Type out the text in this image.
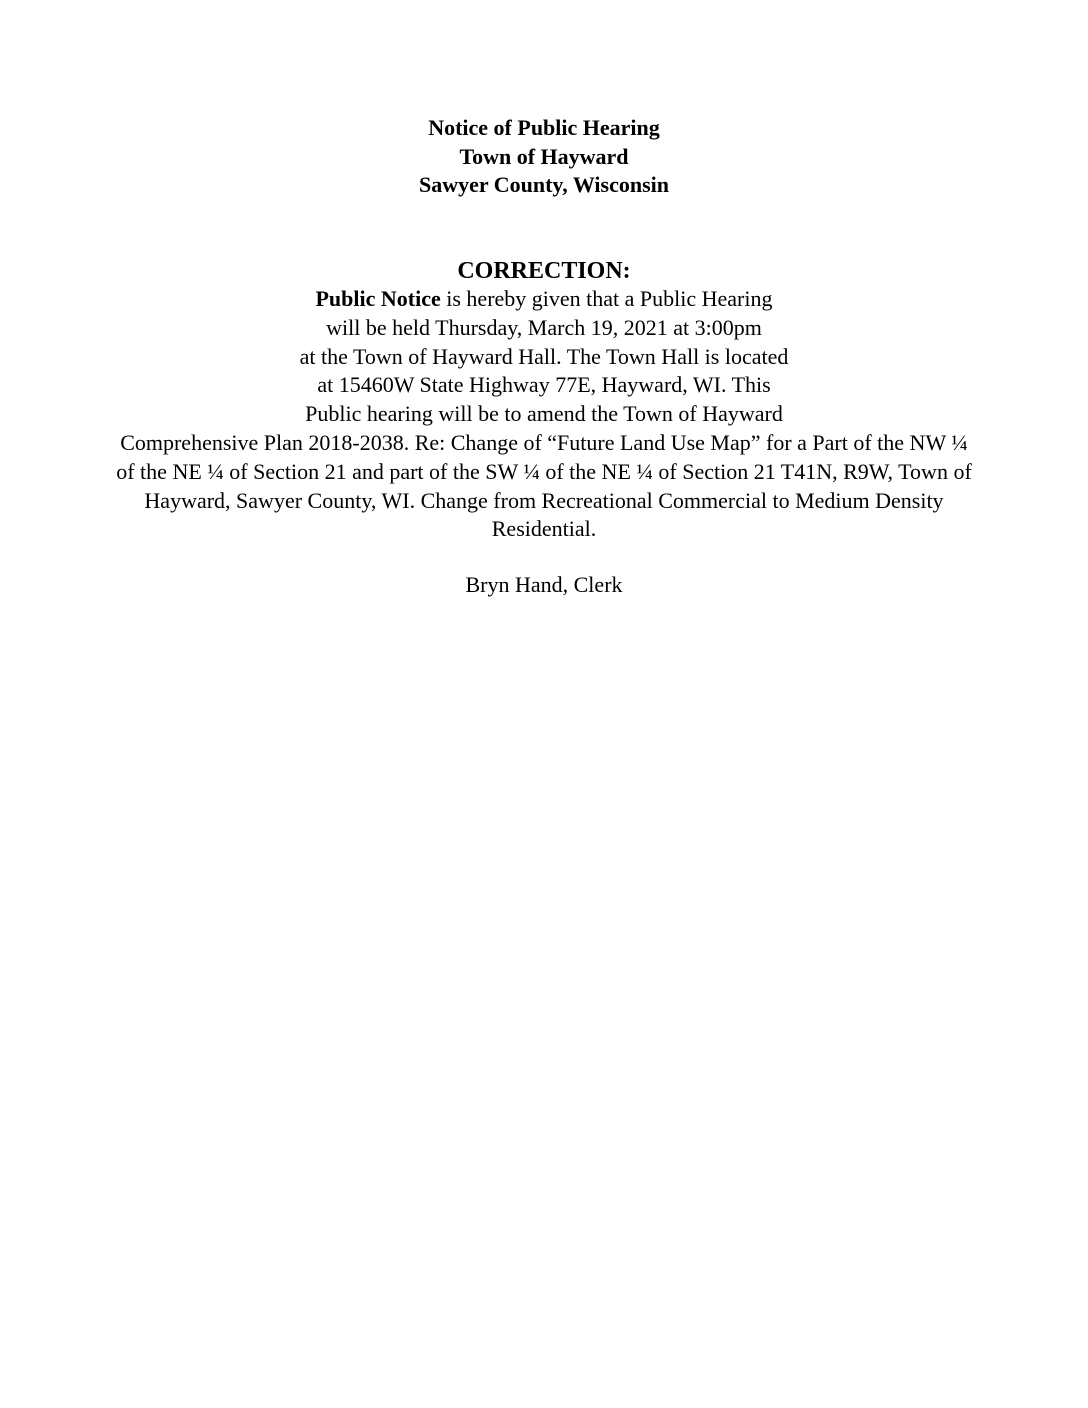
Notice of Public Hearing
Town of Hayward
Sawyer County, Wisconsin
CORRECTION:
Public Notice is hereby given that a Public Hearing
will be held Thursday, March 19, 2021 at 3:00pm
at the Town of Hayward Hall. The Town Hall is located
at 15460W State Highway 77E, Hayward, WI. This
Public hearing will be to amend the Town of Hayward
Comprehensive Plan 2018-2038. Re: Change of “Future Land Use Map” for a Part of the NW ¼
of the NE ¼ of Section 21 and part of the SW ¼ of the NE ¼ of Section 21 T41N, R9W, Town of
Hayward, Sawyer County, WI. Change from Recreational Commercial to Medium Density
Residential.
Bryn Hand, Clerk
